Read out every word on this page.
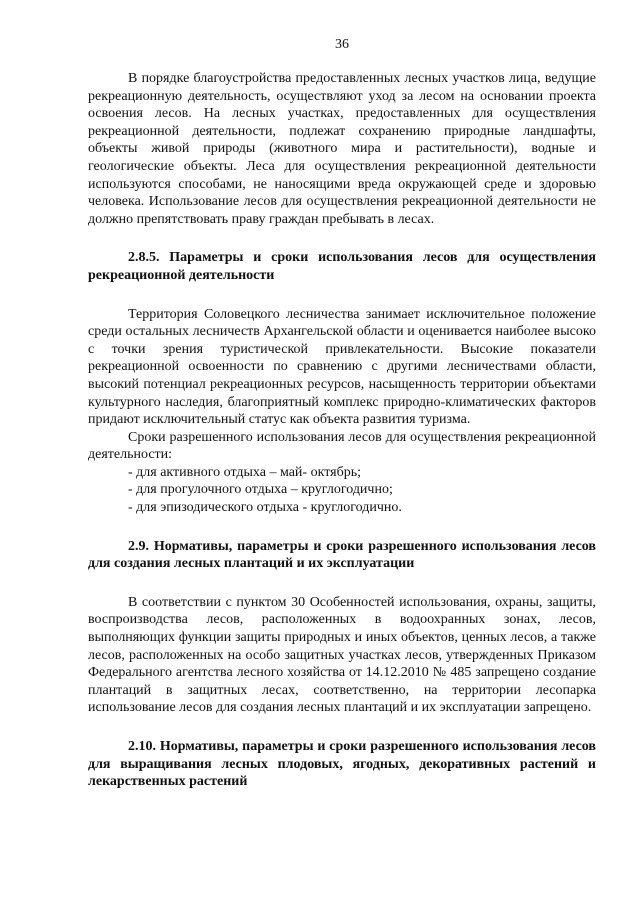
36

В порядке благоустройства предоставленных лесных участков лица, ведущие рекреационную деятельность, осуществляют уход за лесом на основании проекта освоения лесов. На лесных участках, предоставленных для осуществления рекреационной деятельности, подлежат сохранению природные ландшафты, объекты живой природы (животного мира и растительности), водные и геологические объекты. Леса для осуществления рекреационной деятельности используются способами, не наносящими вреда окружающей среде и здоровью человека. Использование лесов для осуществления рекреационной деятельности не должно препятствовать праву граждан пребывать в лесах.

2.8.5. Параметры и сроки использования лесов для осуществления рекреационной деятельности

Территория Соловецкого лесничества занимает исключительное положение среди остальных лесничеств Архангельской области и оценивается наиболее высоко с точки зрения туристической привлекательности. Высокие показатели рекреационной освоенности по сравнению с другими лесничествами области, высокий потенциал рекреационных ресурсов, насыщенность территории объектами культурного наследия, благоприятный комплекс природно-климатических факторов придают исключительный статус как объекта развития туризма.

Сроки разрешенного использования лесов для осуществления рекреационной деятельности:

- для активного отдыха – май- октябрь;

- для прогулочного отдыха – круглогодично;

- для эпизодического отдыха - круглогодично.

2.9. Нормативы, параметры и сроки разрешенного использования лесов для создания лесных плантаций и их эксплуатации

В соответствии с пунктом 30 Особенностей использования, охраны, защиты, воспроизводства лесов, расположенных в водоохранных зонах, лесов, выполняющих функции защиты природных и иных объектов, ценных лесов, а также лесов, расположенных на особо защитных участках лесов, утвержденных Приказом Федерального агентства лесного хозяйства от 14.12.2010 № 485 запрещено создание плантаций в защитных лесах, соответственно, на территории лесопарка использование лесов для создания лесных плантаций и их эксплуатации запрещено.

2.10. Нормативы, параметры и сроки разрешенного использования лесов для выращивания лесных плодовых, ягодных, декоративных растений и лекарственных растений
